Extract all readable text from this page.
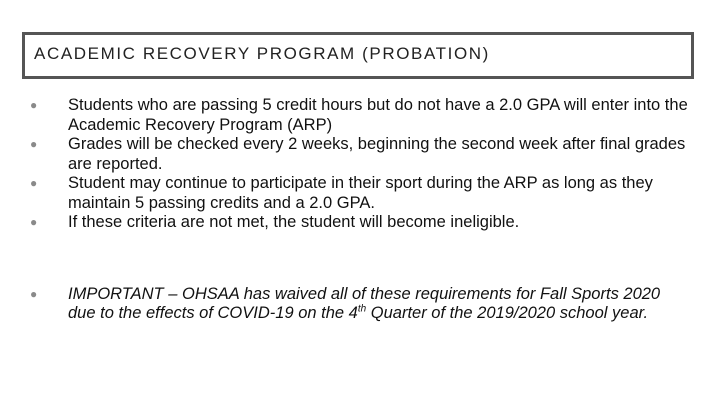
ACADEMIC RECOVERY PROGRAM (PROBATION)
● Students who are passing 5 credit hours but do not have a 2.0 GPA will enter into the Academic Recovery Program (ARP)
● Grades will be checked every 2 weeks, beginning the second week after final grades are reported.
● Student may continue to participate in their sport during the ARP as long as they maintain 5 passing credits and a 2.0 GPA.
● If these criteria are not met, the student will become ineligible.
● IMPORTANT – OHSAA has waived all of these requirements for Fall Sports 2020 due to the effects of COVID-19 on the 4th Quarter of the 2019/2020 school year.
